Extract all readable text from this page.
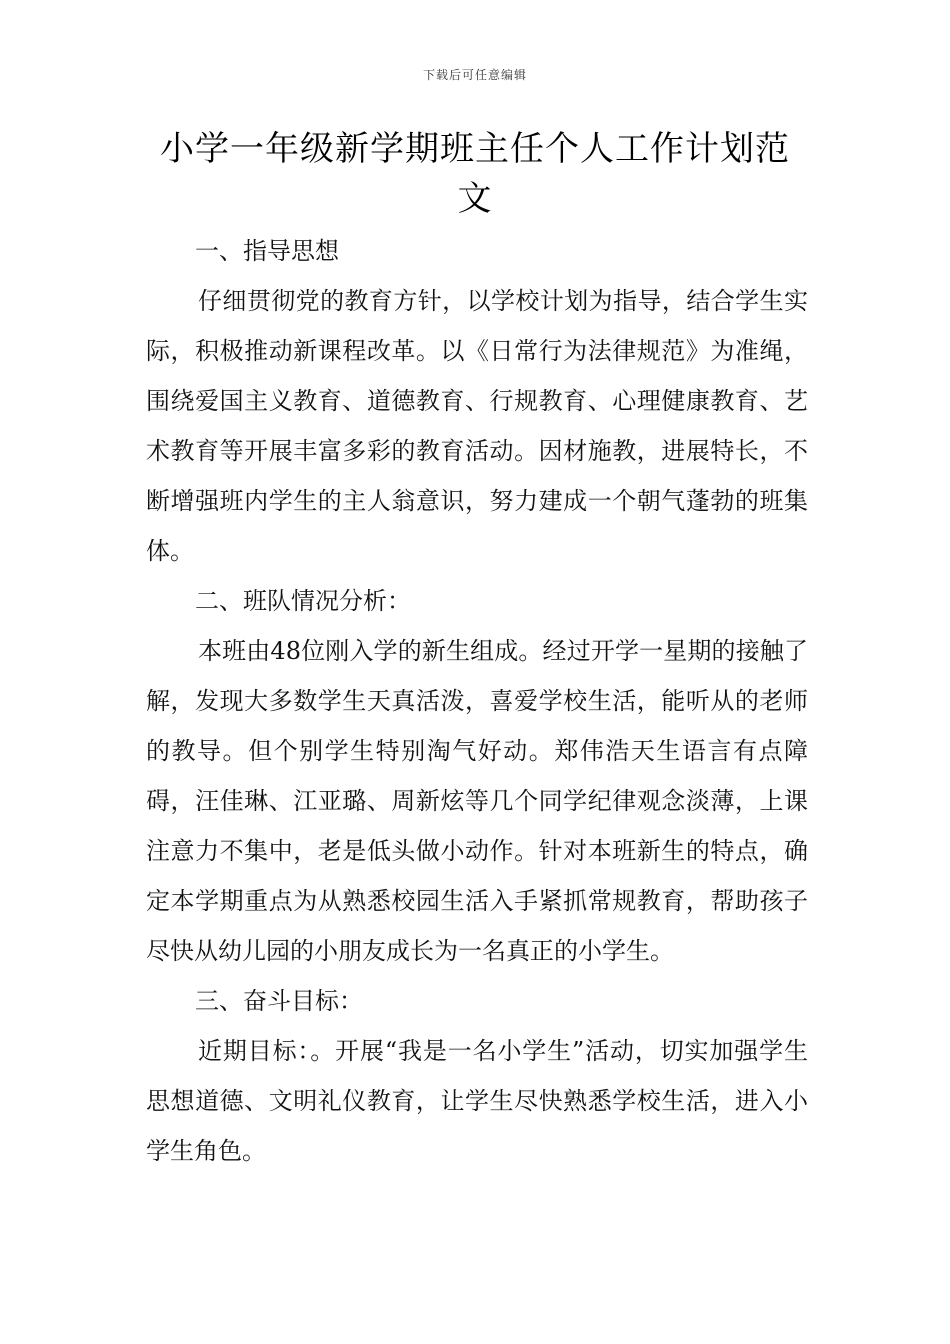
下载后可任意编辑
小学一年级新学期班主任个人工作计划范文

一、指导思想

仔细贯彻党的教育方针，以学校计划为指导，结合学生实际，积极推动新课程改革。以《日常行为法律规范》为准绳，围绕爱国主义教育、道德教育、行规教育、心理健康教育、艺术教育等开展丰富多彩的教育活动。因材施教，进展特长，不断增强班内学生的主人翁意识，努力建成一个朝气蓬勃的班集体。

二、班队情况分析：

本班由48位刚入学的新生组成。经过开学一星期的接触了解，发现大多数学生天真活泼，喜爱学校生活，能听从的老师的教导。但个别学生特别淘气好动。郑伟浩天生语言有点障碍，汪佳琳、江亚璐、周新炫等几个同学纪律观念淡薄，上课注意力不集中，老是低头做小动作。针对本班新生的特点，确定本学期重点为从熟悉校园生活入手紧抓常规教育，帮助孩子尽快从幼儿园的小朋友成长为一名真正的小学生。

三、奋斗目标：

近期目标：。开展“我是一名小学生”活动，切实加强学生思想道德、文明礼仪教育，让学生尽快熟悉学校生活，进入小学生角色。
